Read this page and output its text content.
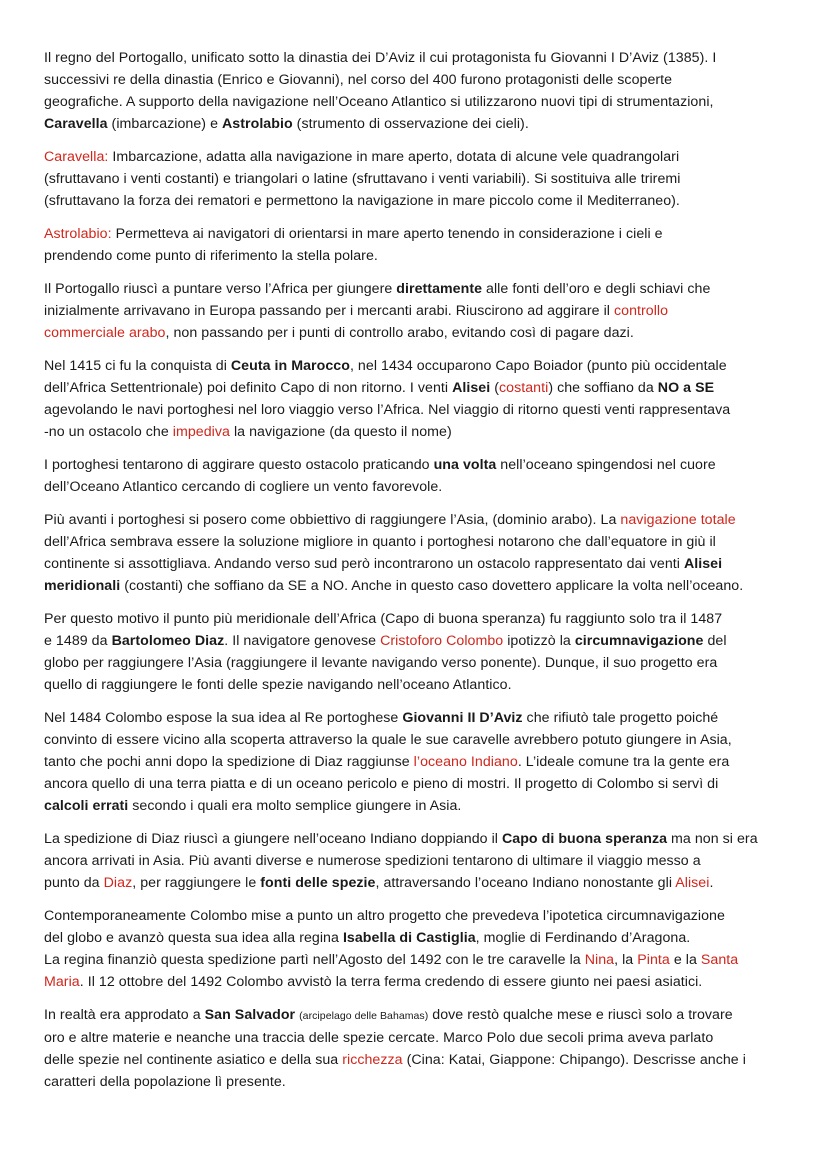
Il regno del Portogallo, unificato sotto la dinastia dei D’Aviz il cui protagonista fu Giovanni I D’Aviz (1385). I
successivi re della dinastia (Enrico e Giovanni), nel corso del 400 furono protagonisti delle scoperte
geografiche. A supporto della navigazione nell’Oceano Atlantico si utilizzarono nuovi tipi di strumentazioni,
Caravella (imbarcazione) e Astrolabio (strumento di osservazione dei cieli).
Caravella: Imbarcazione, adatta alla navigazione in mare aperto, dotata di alcune vele quadrangolari
(sfruttavano i venti costanti) e triangolari o latine (sfruttavano i venti variabili). Si sostituiva alle triremi
(sfruttavano la forza dei rematori e permettono la navigazione in mare piccolo come il Mediterraneo).
Astrolabio: Permetteva ai navigatori di orientarsi in mare aperto tenendo in considerazione i cieli e
prendendo come punto di riferimento la stella polare.
Il Portogallo riuscì a puntare verso l’Africa per giungere direttamente alle fonti dell’oro e degli schiavi che
inizialmente arrivavano in Europa passando per i mercanti arabi. Riuscirono ad aggirare il controllo
commerciale arabo, non passando per i punti di controllo arabo, evitando così di pagare dazi.
Nel 1415 ci fu la conquista di Ceuta in Marocco, nel 1434 occuparono Capo Boiador (punto più occidentale
dell’Africa Settentrionale) poi definito Capo di non ritorno. I venti Alisei (costanti) che soffiano da NO a SE
agevolando le navi portoghesi nel loro viaggio verso l’Africa. Nel viaggio di ritorno questi venti rappresentava
-no un ostacolo che impediva la navigazione (da questo il nome)
I portoghesi tentarono di aggirare questo ostacolo praticando una volta nell’oceano spingendosi nel cuore
dell’Oceano Atlantico cercando di cogliere un vento favorevole.
Più avanti i portoghesi si posero come obbiettivo di raggiungere l’Asia, (dominio arabo). La navigazione totale
dell’Africa sembrava essere la soluzione migliore in quanto i portoghesi notarono che dall’equatore in giù il
continente si assottigliava. Andando verso sud però incontrarono un ostacolo rappresentato dai venti Alisei
meridionali (costanti) che soffiano da SE a NO. Anche in questo caso dovettero applicare la volta nell’oceano.
Per questo motivo il punto più meridionale dell’Africa (Capo di buona speranza) fu raggiunto solo tra il 1487
e 1489 da Bartolomeo Diaz. Il navigatore genovese Cristoforo Colombo ipotizzò la circumnavigazione del
globo per raggiungere l’Asia (raggiungere il levante navigando verso ponente). Dunque, il suo progetto era
quello di raggiungere le fonti delle spezie navigando nell’oceano Atlantico.
Nel 1484 Colombo espose la sua idea al Re portoghese Giovanni II D’Aviz che rifiutò tale progetto poiché
convinto di essere vicino alla scoperta attraverso la quale le sue caravelle avrebbero potuto giungere in Asia,
tanto che pochi anni dopo la spedizione di Diaz raggiunse l’oceano Indiano. L’ideale comune tra la gente era
ancora quello di una terra piatta e di un oceano pericolo e pieno di mostri. Il progetto di Colombo si servì di
calcoli errati secondo i quali era molto semplice giungere in Asia.
La spedizione di Diaz riuscì a giungere nell’oceano Indiano doppiando il Capo di buona speranza ma non si era
ancora arrivati in Asia. Più avanti diverse e numerose spedizioni tentarono di ultimare il viaggio messo a
punto da Diaz, per raggiungere le fonti delle spezie, attraversando l’oceano Indiano nonostante gli Alisei.
Contemporaneamente Colombo mise a punto un altro progetto che prevedeva l’ipotetica circumnavigazione
del globo e avanzò questa sua idea alla regina Isabella di Castiglia, moglie di Ferdinando d’Aragona.
La regina finanziò questa spedizione partì nell’Agosto del 1492 con le tre caravelle la Nina, la Pinta e la Santa
Maria. Il 12 ottobre del 1492 Colombo avvistò la terra ferma credendo di essere giunto nei paesi asiatici.
In realtà era approdato a San Salvador (arcipelago delle Bahamas) dove restò qualche mese e riuscì solo a trovare
oro e altre materie e neanche una traccia delle spezie cercate. Marco Polo due secoli prima aveva parlato
delle spezie nel continente asiatico e della sua ricchezza (Cina: Katai, Giappone: Chipango). Descrisse anche i
caratteri della popolazione lì presente.
